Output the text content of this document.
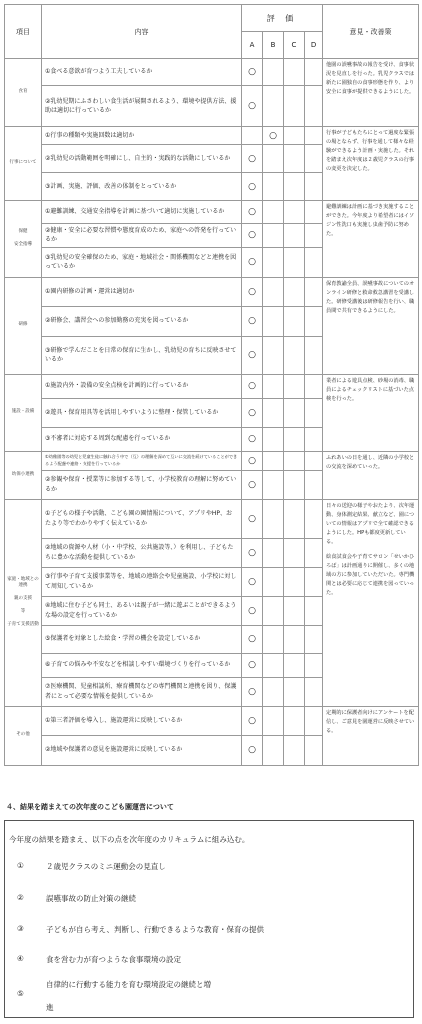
項目	内容	評 価				意見・改善策
		A	B	C	D	

食育	①食べる意欲が育つよう工夫しているか	○				他園の誤嚥事故の報告を受け、食事状況を見直しを行った。乳児クラスでは新たに園独自の食事形態を作り、より安全に食事が提供できるようにした。

	②乳幼児期にふさわしい食生活が展開されるよう、環境や提供方法、援助は適切に行っているか	○				

行事について	①行事の種類や実施回数は適切か		○			行事が子どもたちにとって過度な緊張の場とならず、行事を通して様々な経験ができるよう計画・実施した。それを踏まえ次年度は２歳児クラスの行事の変更を決定した。

	②乳幼児の活動範囲を明確にし、自主的・実践的な活動にしているか	○				
	③計画、実施、評価、改善の体制をとっているか	○				

保健
安全指導	①避難訓練、交通安全指導を計画に基づいて適切に実施しているか	○				避難訓練は計画に基づき実施することができた。今年度より希望者にはイソジン性洗口も実施し虫歯予防に努めた。

	②健康・安全に必要な習慣や態度育成のため、家庭への啓発を行っているか	○				
	③乳幼児の安全確保のため、家庭・地域社会・関係機関などと連携を図っているか	○				

研修	①園内研修の計画・運営は適切か	○				保育教諭全員、誤嚥事故についてのオンライン研修と救命救急講習を受講した。研修受講後は研修報告を行い、職員間で共有できるようにした。

	②研修会、講習会への参加勤務の充実を図っているか	○				
	③研修で学んだことを日常の保育に生かし、乳幼児の育ちに反映させているか	○				

施設・設備	①施設内外・設備の安全点検を計画的に行っているか	○				業者による遊具点検、砂場の消毒、職員によるチェックリストに基づいた点検を行った。

	②遊具・保育用具等を活用しやすいように整理・保管しているか	○				
	③不審者に対応する周到な配慮を行っているか	○				

幼保小連携	①幼稚園等の幼児と児童生徒に触れ合う中で（互）の理解を深めて互いに交流を続けていることができるよう配慮や連絡・支援を行っているか	○				ふれあいの日を通し、近隣の小学校との交流を深めていった。

	②参観や保育・授業等に参加する等して、小学校教育の理解に努めているか	○				

家庭・地域との連携
親の支援
等
子育て支援活動	①子どもの様子や活動、こども園の園情報について、アプリやHP、おたより等でわかりやすく伝えているか	○				日々の送迎の様子やおたより、次年運動、身体測定結果、献立など、園についての情報はアプリで全て確認できるようにした。HPも都度更新している。
絵食試食会や子育てサロン「せいかひろば」は計画通りに開催し、多くの地域の方に参加していただいた。専門機関とは必要に応じて連携を図っていった。

	②地域の資源や人材（小・中学校、公共施設等、）を利用し、子どもたちに豊かな活動を提供しているか	○				
	③行事や子育て支援事業等を、地域の連絡会や児童施設、小学校に対して周知しているか	○				
	④地域に住む子ども同士、あるいは親子が一緒に遊ぶことができるような場の設定を行っているか	○				
	⑤保護者を対象とした絵食・学習の機会を設定しているか	○				
	⑥子育ての悩みや不安などを相談しやすい環境づくりを行っているか	○				
	⑦医療機関、児童相談所、療育機関などの専門機関と連携を図り、保護者にとって必要な情報を提供しているか	○				

その他	①第三者評価を導入し、施設運営に反映しているか	○				定期的に保護者向けにアンケートを配信し、ご意見を園運営に反映させている。

	②地域や保護者の意見を施設運営に反映しているか	○				
４、結果を踏まえての次年度のこども園運営について
今年度の結果を踏まえ、以下の点を次年度のカリキュラムに組み込む。
①	２歳児クラスのミニ運動会の見直し
②	誤嚥事故の防止対策の継続
③	子どもが自ら考え、判断し、行動できるような教育・保育の提供
④	食を営む力が育つような食事環境の設定
⑤
自律的に行動する能力を育む環境設定の継続と増
進
